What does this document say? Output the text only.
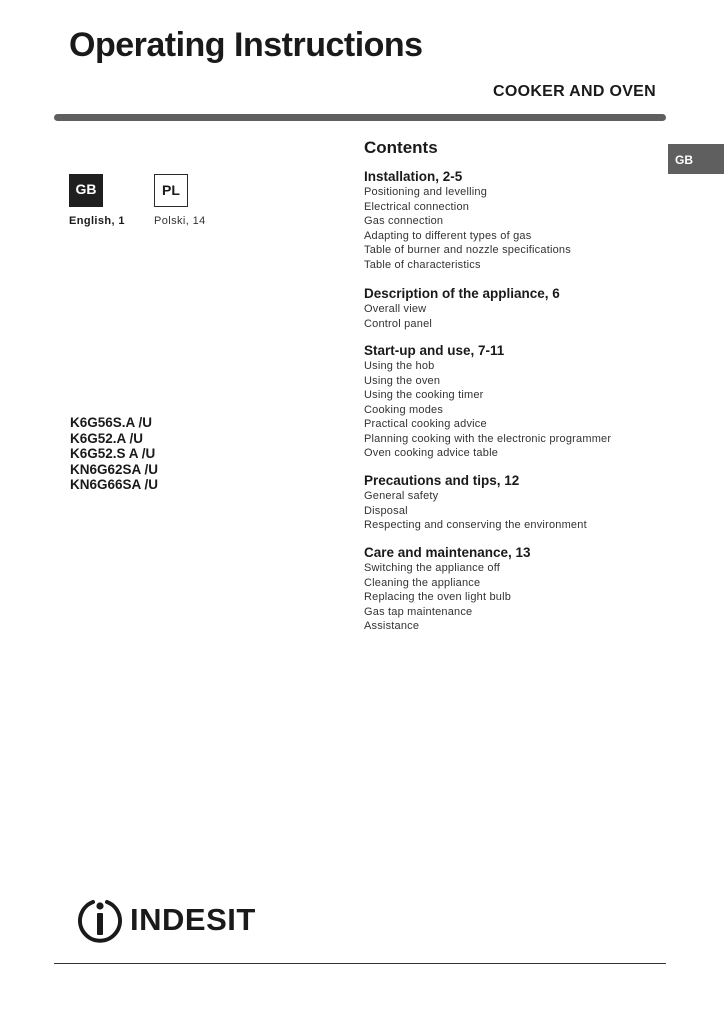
Operating Instructions
COOKER AND OVEN
GB
GB	PL
English, 1	Polski, 14
K6G56S.A /U
K6G52.A /U
K6G52.S A /U
KN6G62SA /U
KN6G66SA /U
Contents
Installation, 2-5
Positioning and levelling
Electrical connection
Gas connection
Adapting to different types of gas
Table of burner and nozzle specifications
Table of characteristics
Description of the appliance, 6
Overall view
Control panel
Start-up and use, 7-11
Using the hob
Using the oven
Using the cooking timer
Cooking modes
Practical cooking advice
Planning cooking with the electronic programmer
Oven cooking advice table
Precautions and tips, 12
General safety
Disposal
Respecting and conserving the environment
Care and maintenance, 13
Switching the appliance off
Cleaning the appliance
Replacing the oven light bulb
Gas tap maintenance
Assistance
INDESIT
